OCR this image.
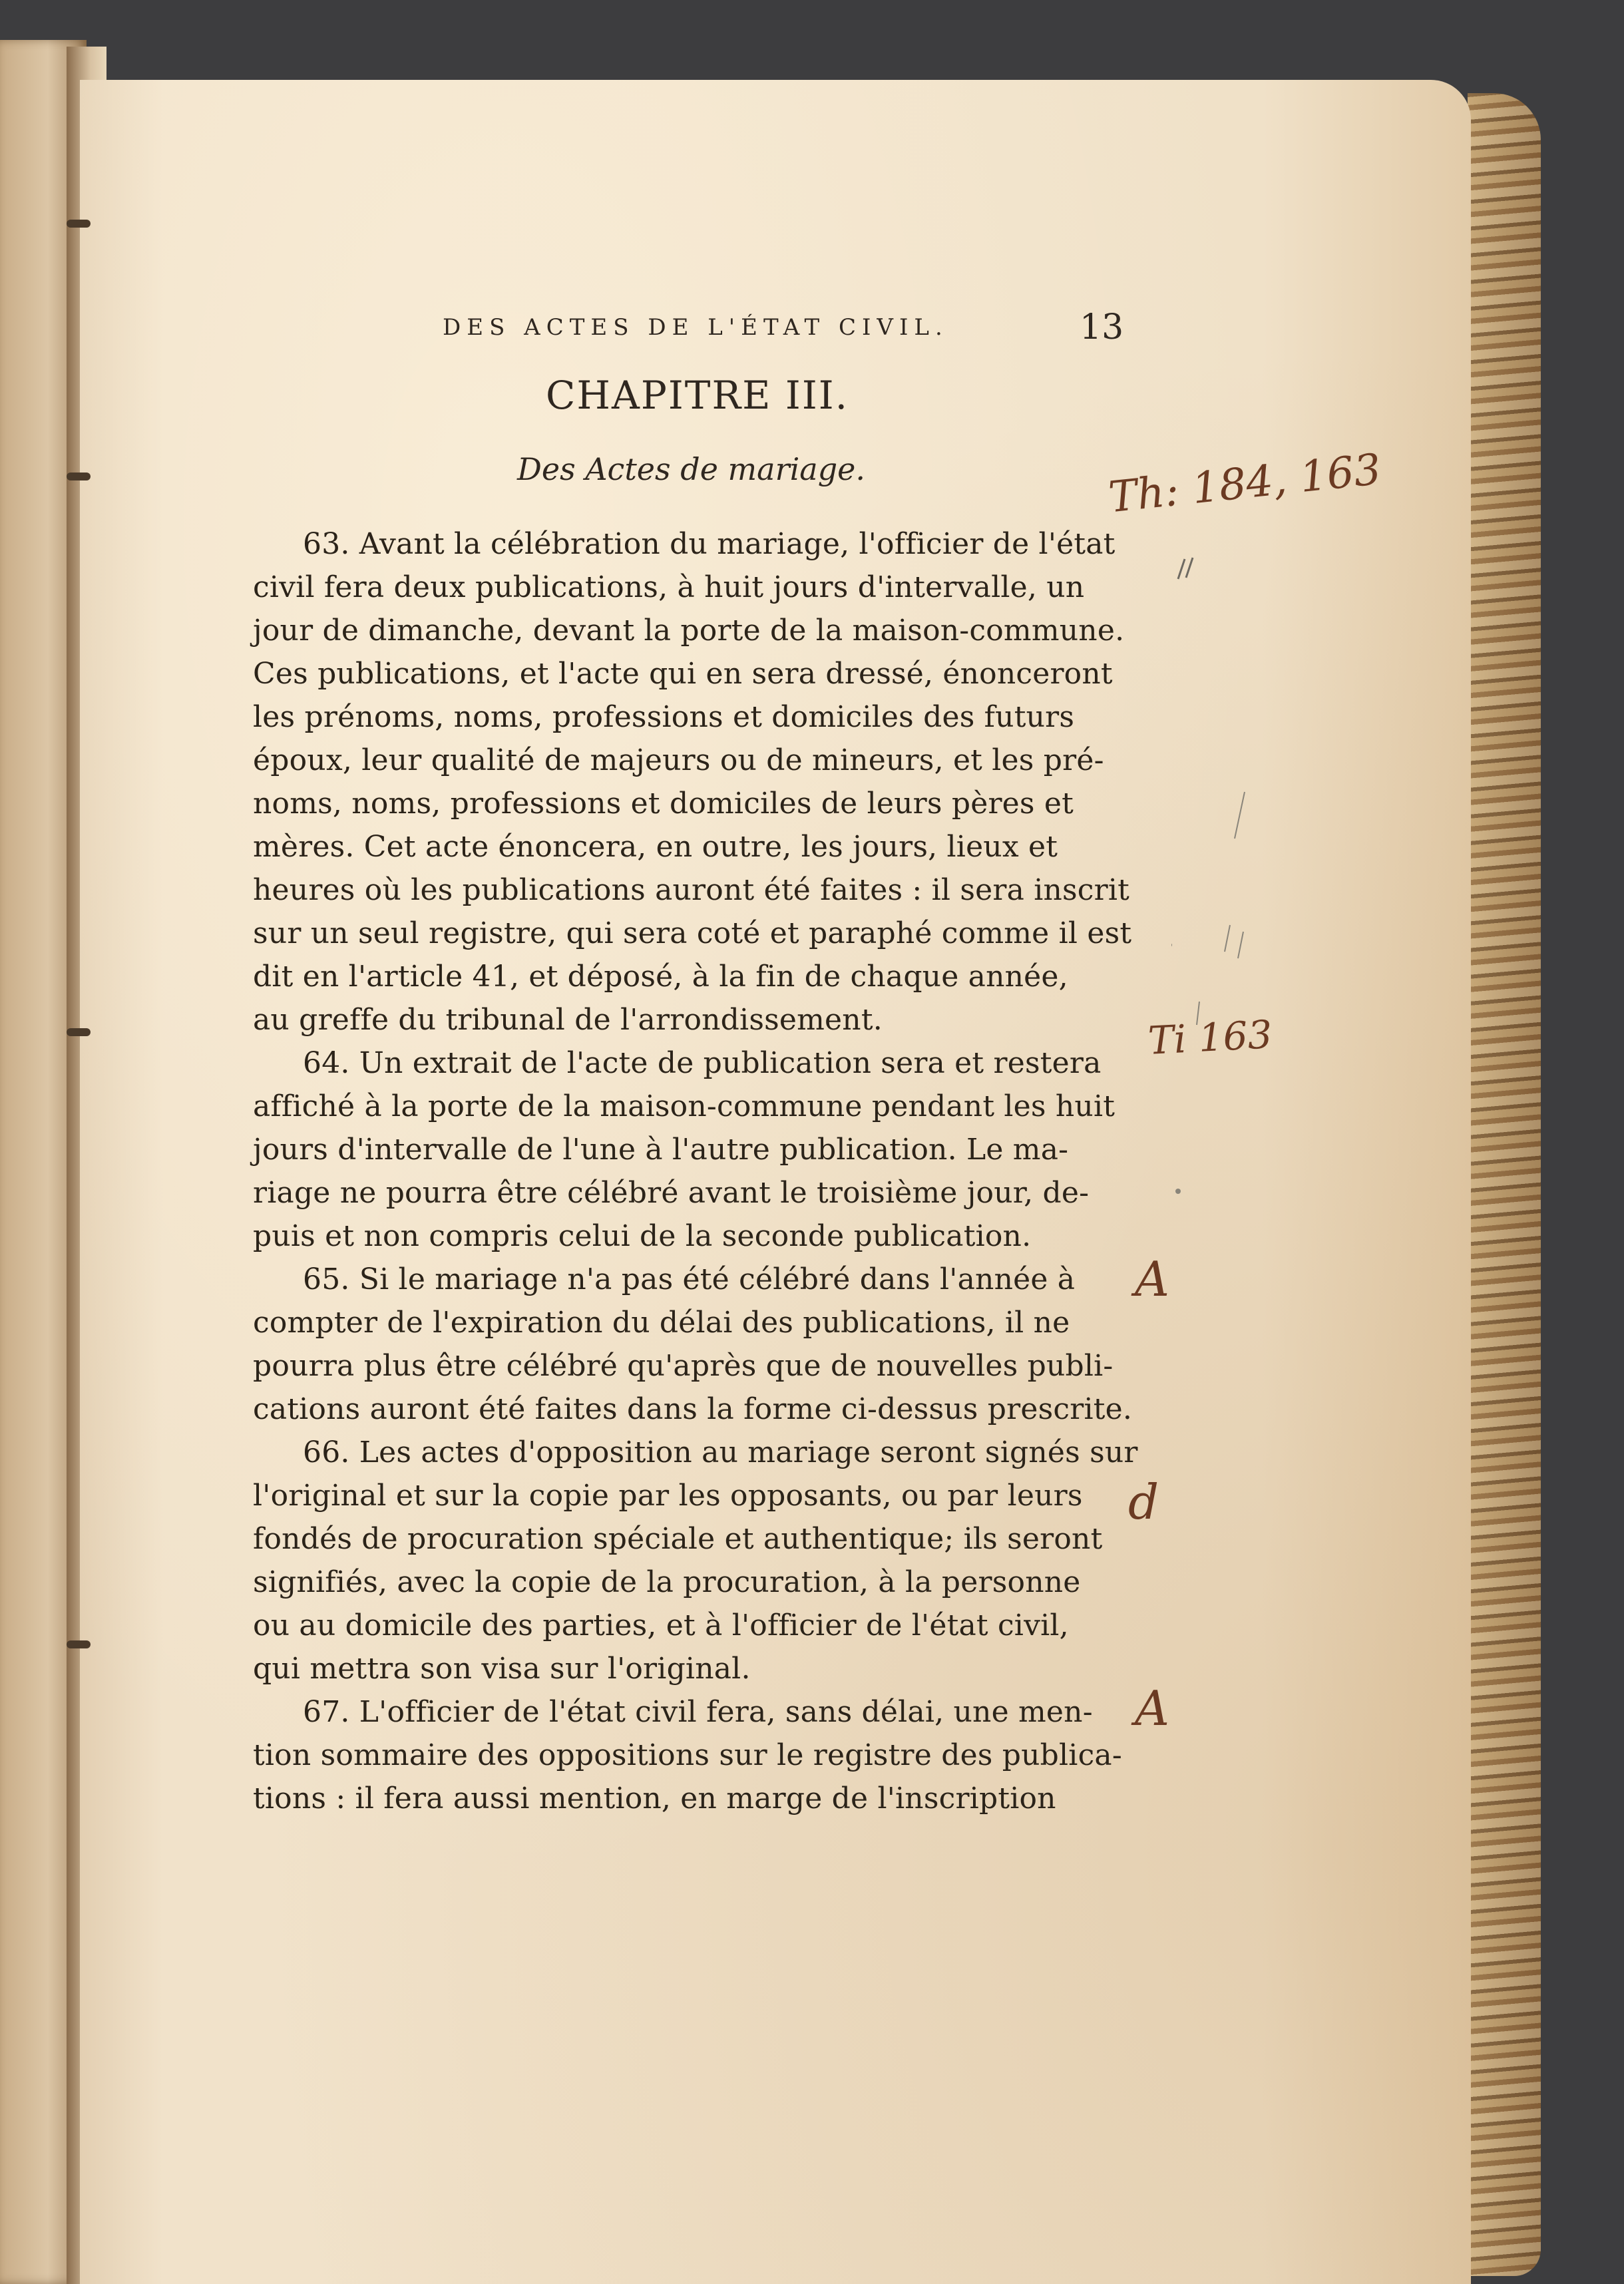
DES ACTES DE L'ÉTAT CIVIL.	13
CHAPITRE III.
Des Actes de mariage.
63. Avant la célébration du mariage, l'officier de l'état
civil fera deux publications, à huit jours d'intervalle, un
jour de dimanche, devant la porte de la maison-commune.
Ces publications, et l'acte qui en sera dressé, énonceront
les prénoms, noms, professions et domiciles des futurs
époux, leur qualité de majeurs ou de mineurs, et les pré-
noms, noms, professions et domiciles de leurs pères et
mères. Cet acte énoncera, en outre, les jours, lieux et
heures où les publications auront été faites : il sera inscrit
sur un seul registre, qui sera coté et paraphé comme il est
dit en l'article 41, et déposé, à la fin de chaque année,
au greffe du tribunal de l'arrondissement.
64. Un extrait de l'acte de publication sera et restera
affiché à la porte de la maison-commune pendant les huit
jours d'intervalle de l'une à l'autre publication. Le ma-
riage ne pourra être célébré avant le troisième jour, de-
puis et non compris celui de la seconde publication.
65. Si le mariage n'a pas été célébré dans l'année à
compter de l'expiration du délai des publications, il ne
pourra plus être célébré qu'après que de nouvelles publi-
cations auront été faites dans la forme ci-dessus prescrite.
66. Les actes d'opposition au mariage seront signés sur
l'original et sur la copie par les opposants, ou par leurs
fondés de procuration spéciale et authentique; ils seront
signifiés, avec la copie de la procuration, à la personne
ou au domicile des parties, et à l'officier de l'état civil,
qui mettra son visa sur l'original.
67. L'officier de l'état civil fera, sans délai, une men-
tion sommaire des oppositions sur le registre des publica-
tions : il fera aussi mention, en marge de l'inscription
Th: 184, 163
Ti 163
A
d
A
